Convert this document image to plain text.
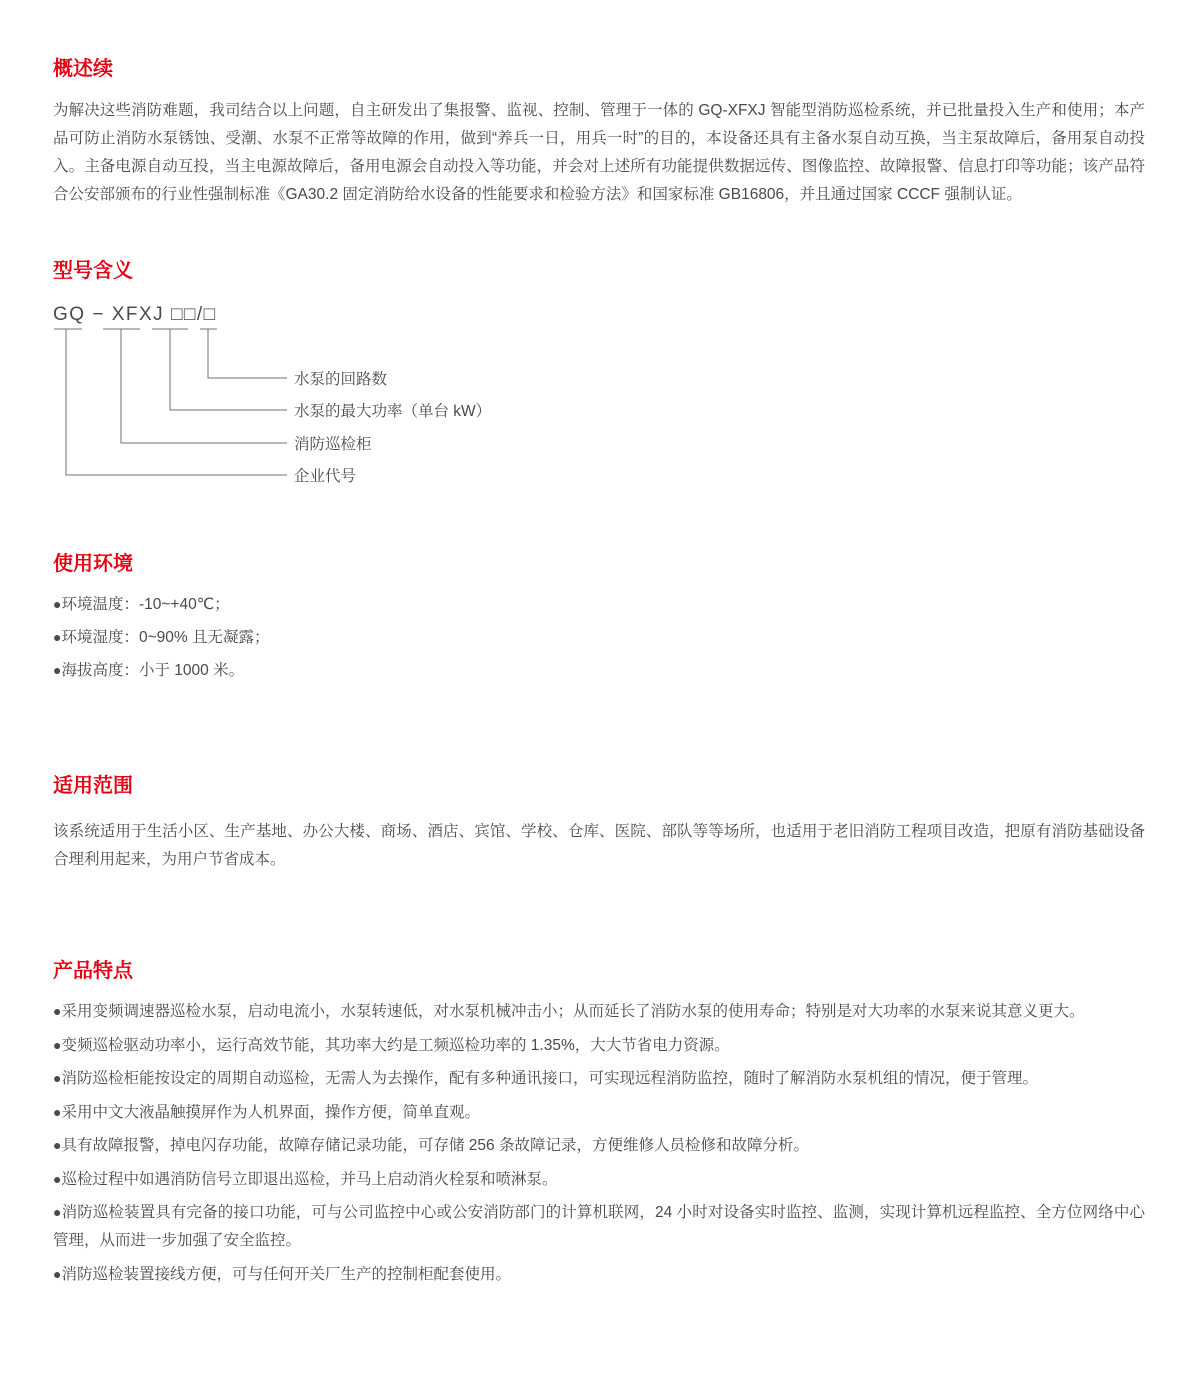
概述续

为解决这些消防难题，我司结合以上问题，自主研发出了集报警、监视、控制、管理于一体的 GQ-XFXJ 智能型消防巡检系统，并已批量投入生产和使用；本产品可防止消防水泵锈蚀、受潮、水泵不正常等故障的作用，做到“养兵一日，用兵一时”的目的，本设备还具有主备水泵自动互换，当主泵故障后，备用泵自动投入。主备电源自动互投，当主电源故障后，备用电源会自动投入等功能，并会对上述所有功能提供数据远传、图像监控、故障报警、信息打印等功能；该产品符合公安部颁布的行业性强制标准《GA30.2 固定消防给水设备的性能要求和检验方法》和国家标准 GB16806，并且通过国家 CCCF 强制认证。

型号含义
GQ − XFXJ □□/□
水泵的回路数
水泵的最大功率（单台 kW）
消防巡检柜
企业代号
使用环境
●环境温度：-10~+40℃；
●环境湿度：0~90% 且无凝露；
●海拔高度：小于 1000 米。
适用范围

该系统适用于生活小区、生产基地、办公大楼、商场、酒店、宾馆、学校、仓库、医院、部队等等场所，也适用于老旧消防工程项目改造，把原有消防基础设备合理利用起来，为用户节省成本。

产品特点
●采用变频调速器巡检水泵，启动电流小，水泵转速低，对水泵机械冲击小；从而延长了消防水泵的使用寿命；特别是对大功率的水泵来说其意义更大。
●变频巡检驱动功率小，运行高效节能，其功率大约是工频巡检功率的 1.35%，大大节省电力资源。
●消防巡检柜能按设定的周期自动巡检，无需人为去操作，配有多种通讯接口，可实现远程消防监控，随时了解消防水泵机组的情况，便于管理。
●采用中文大液晶触摸屏作为人机界面，操作方便，简单直观。
●具有故障报警，掉电闪存功能，故障存储记录功能，可存储 256 条故障记录，方便维修人员检修和故障分析。
●巡检过程中如遇消防信号立即退出巡检，并马上启动消火栓泵和喷淋泵。
●消防巡检装置具有完备的接口功能，可与公司监控中心或公安消防部门的计算机联网，24 小时对设备实时监控、监测，实现计算机远程监控、全方位网络中心管理，从而进一步加强了安全监控。
●消防巡检装置接线方便，可与任何开关厂生产的控制柜配套使用。
